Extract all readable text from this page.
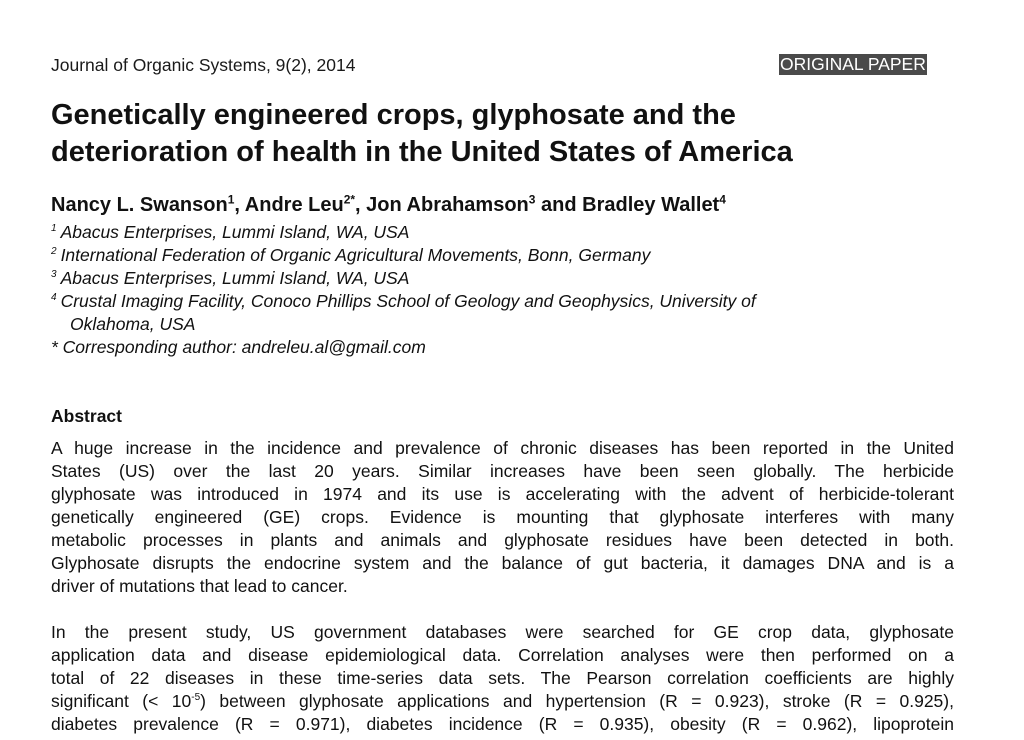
Journal of Organic Systems, 9(2), 2014	ORIGINAL PAPER
Genetically engineered crops, glyphosate and the
deterioration of health in the United States of America
Nancy L. Swanson$^1$, Andre Leu$^{2*}$, Jon Abrahamson$^3$ and Bradley Wallet$^4$
$^1$ Abacus Enterprises, Lummi Island, WA, USA
$^2$ International Federation of Organic Agricultural Movements, Bonn, Germany
$^3$ Abacus Enterprises, Lummi Island, WA, USA
$^4$ Crustal Imaging Facility, Conoco Phillips School of Geology and Geophysics, University of
Oklahoma, USA
* Corresponding author: andreleu.al@gmail.com
Abstract
A huge increase in the incidence and prevalence of chronic diseases has been reported in the United
States (US) over the last 20 years. Similar increases have been seen globally. The herbicide
glyphosate was introduced in 1974 and its use is accelerating with the advent of herbicide-tolerant
genetically engineered (GE) crops. Evidence is mounting that glyphosate interferes with many
metabolic processes in plants and animals and glyphosate residues have been detected in both.
Glyphosate disrupts the endocrine system and the balance of gut bacteria, it damages DNA and is a
driver of mutations that lead to cancer.
In the present study, US government databases were searched for GE crop data, glyphosate
application data and disease epidemiological data. Correlation analyses were then performed on a
total of 22 diseases in these time-series data sets. The Pearson correlation coefficients are highly
significant (< $10^{-5}$) between glyphosate applications and hypertension (R = 0.923), stroke (R = 0.925),
diabetes prevalence (R = 0.971), diabetes incidence (R = 0.935), obesity (R = 0.962), lipoprotein
